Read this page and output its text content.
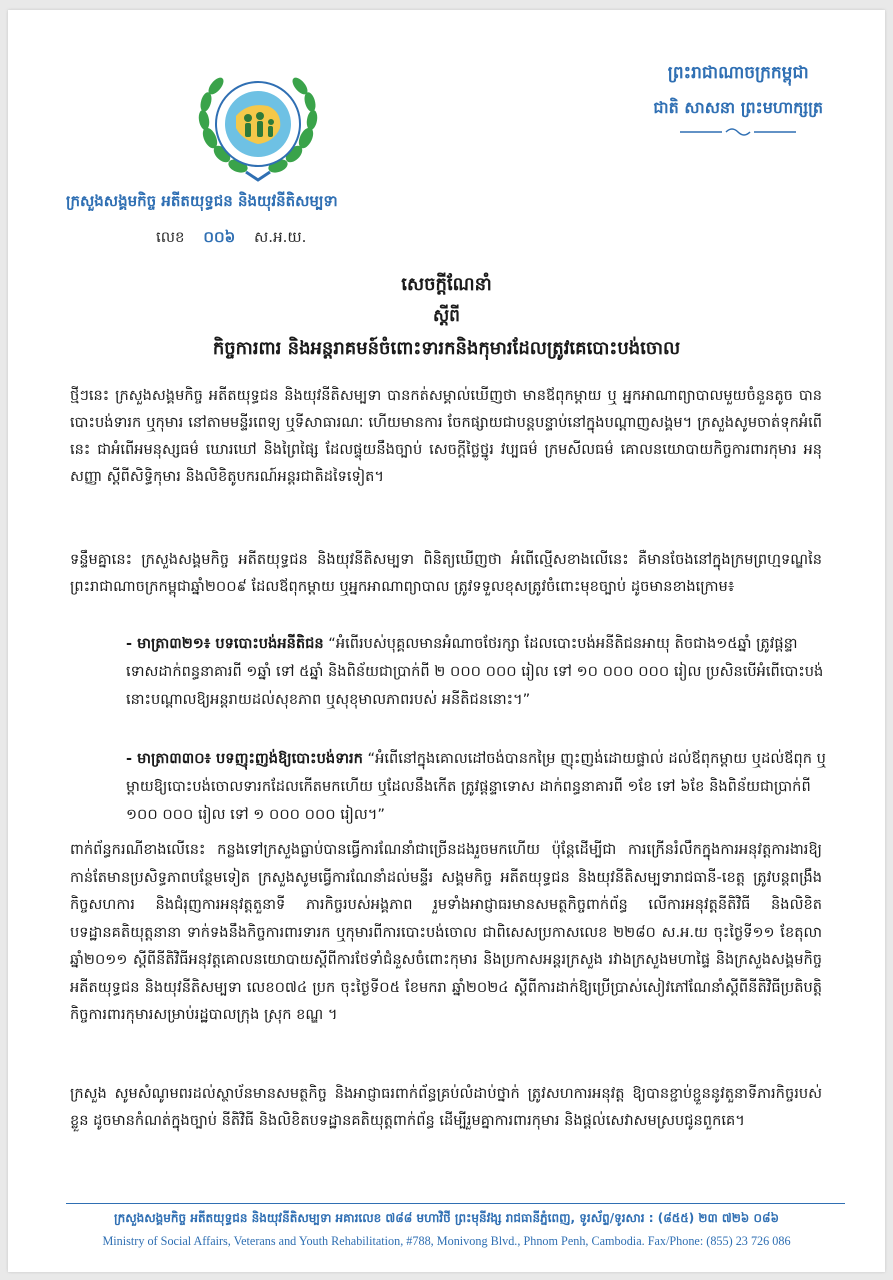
ក្រសួងសង្គមកិច្ច អតីតយុទ្ធជន និងយុវនីតិសម្បទា
លេខ ០០៦ ស.អ.យ.
ព្រះរាជាណាចក្រកម្ពុជា
ជាតិ សាសនា ព្រះមហាក្សត្រ
សេចក្តីណែនាំ
ស្តីពី
កិច្ចការពារ និងអន្តរាគមន៍ចំពោះទារកនិងកុមារដែលត្រូវគេបោះបង់ចោល
ថ្មីៗនេះ ក្រសួងសង្គមកិច្ច អតីតយុទ្ធជន និងយុវនីតិសម្បទា បានកត់សម្គាល់ឃើញថា មានឪពុកម្តាយ ឬ អ្នកអាណាព្យាបាលមួយចំនួនតូច បានបោះបង់ទារក ឬកុមារ នៅតាមមន្ទីរពេទ្យ ឬទីសាធារណៈ ហើយមានការ ចែកផ្សាយជាបន្តបន្ទាប់នៅក្នុងបណ្តាញសង្គម។ ក្រសួងសូមចាត់ទុកអំពើនេះ ជាអំពើអមនុស្សធម៌ ឃោរឃៅ និងព្រៃផ្សៃ ដែលផ្ទុយនឹងច្បាប់ សេចក្តីថ្លៃថ្នូរ វប្បធម៌ ក្រមសីលធម៌ គោលនយោបាយកិច្ចការពារកុមារ អនុសញ្ញា ស្តីពីសិទ្ធិកុមារ និងលិខិតូបករណ៍អន្តរជាតិដទៃទៀត។
ទន្ទឹមគ្នានេះ ក្រសួងសង្គមកិច្ច អតីតយុទ្ធជន និងយុវនីតិសម្បទា ពិនិត្យឃើញថា អំពើល្មើសខាងលើនេះ គឺមានចែងនៅក្នុងក្រមព្រហ្មទណ្ឌនៃព្រះរាជាណាចក្រកម្ពុជាឆ្នាំ២០០៩ ដែលឪពុកម្តាយ ឬអ្នកអាណាព្យាបាល ត្រូវទទួលខុសត្រូវចំពោះមុខច្បាប់ ដូចមានខាងក្រោម៖
- មាត្រា៣២១៖ បទបោះបង់អនីតិជន “អំពើរបស់បុគ្គលមានអំណាចថែរក្សា ដែលបោះបង់អនីតិជនអាយុ តិចជាង១៥ឆ្នាំ ត្រូវផ្តន្ទាទោសដាក់ពន្ធនាគារពី ១ឆ្នាំ ទៅ ៥ឆ្នាំ និងពិន័យជាប្រាក់ពី ២ ០០០ ០០០ រៀល ទៅ ១០ ០០០ ០០០ រៀល ប្រសិនបើអំពើបោះបង់នោះបណ្តាលឱ្យអន្តរាយដល់សុខភាព ឬសុខុមាលភាពរបស់ អនីតិជននោះ។”
- មាត្រា៣៣០៖ បទញុះញង់ឱ្យបោះបង់ទារក “អំពើនៅក្នុងគោលដៅចង់បានកម្រៃ ញុះញង់ដោយផ្ទាល់ ដល់ឪពុកម្តាយ ឬដល់ឪពុក ឬម្តាយឱ្យបោះបង់ចោលទារកដែលកើតមកហើយ ឬដែលនឹងកើត ត្រូវផ្តន្ទាទោស ដាក់ពន្ធនាគារពី ១ខែ ទៅ ៦ខែ និងពិន័យជាប្រាក់ពី ១០០ ០០០ រៀល ទៅ ១ ០០០ ០០០ រៀល។”
ពាក់ព័ន្ធករណីខាងលើនេះ កន្លងទៅក្រសួងធ្លាប់បានធ្វើការណែនាំជាច្រើនដងរួចមកហើយ ប៉ុន្តែដើម្បីជា ការក្រើនរំលឹកក្នុងការអនុវត្តការងារឱ្យកាន់តែមានប្រសិទ្ធភាពបន្ថែមទៀត ក្រសួងសូមធ្វើការណែនាំដល់មន្ទីរ សង្គមកិច្ច អតីតយុទ្ធជន និងយុវនីតិសម្បទារាជធានី-ខេត្ត ត្រូវបន្តពង្រឹងកិច្ចសហការ និងជំរុញការអនុវត្តតួនាទី ភារកិច្ចរបស់អង្គភាព រួមទាំងអាជ្ញាធរមានសមត្ថកិច្ចពាក់ព័ន្ធ លើការអនុវត្តនីតិវិធី និងលិខិតបទដ្ឋានគតិយុត្តនានា ទាក់ទងនឹងកិច្ចការពារទារក ឬកុមារពីការបោះបង់ចោល ជាពិសេសប្រកាសលេខ ២២៨០ ស.អ.យ ចុះថ្ងៃទី១១ ខែតុលា ឆ្នាំ២០១១ ស្តីពីនីតិវិធីអនុវត្តគោលនយោបាយស្តីពីការថែទាំជំនួសចំពោះកុមារ និងប្រកាសអន្តរក្រសួង រវាងក្រសួងមហាផ្ទៃ និងក្រសួងសង្គមកិច្ច អតីតយុទ្ធជន និងយុវនីតិសម្បទា លេខ០៧៤ ប្រក ចុះថ្ងៃទី០៥ ខែមករា ឆ្នាំ២០២៤ ស្តីពីការដាក់ឱ្យប្រើប្រាស់សៀវភៅណែនាំស្តីពីនីតិវិធីប្រតិបត្តិកិច្ចការពារកុមារសម្រាប់រដ្ឋបាលក្រុង ស្រុក ខណ្ឌ ។
ក្រសួង សូមសំណូមពរដល់ស្ថាប័នមានសមត្ថកិច្ច និងអាជ្ញាធរពាក់ព័ន្ធគ្រប់លំដាប់ថ្នាក់ ត្រូវសហការអនុវត្ត ឱ្យបានខ្ជាប់ខ្ជួននូវតួនាទីភារកិច្ចរបស់ខ្លួន ដូចមានកំណត់ក្នុងច្បាប់ នីតិវិធី និងលិខិតបទដ្ឋានគតិយុត្តពាក់ព័ន្ធ ដើម្បីរួមគ្នាការពារកុមារ និងផ្តល់សេវាសមស្របជូនពួកគេ។
ក្រសួងសង្គមកិច្ច អតីតយុទ្ធជន និងយុវនីតិសម្បទា អគារលេខ ៧៨៨ មហាវិថី ព្រះមុនីវង្ស រាជធានីភ្នំពេញ, ទូរស័ព្ទ/ទូរសារ : (៨៥៥) ២៣ ៧២៦ ០៨៦
Ministry of Social Affairs, Veterans and Youth Rehabilitation, #788, Monivong Blvd., Phnom Penh, Cambodia. Fax/Phone: (855) 23 726 086
